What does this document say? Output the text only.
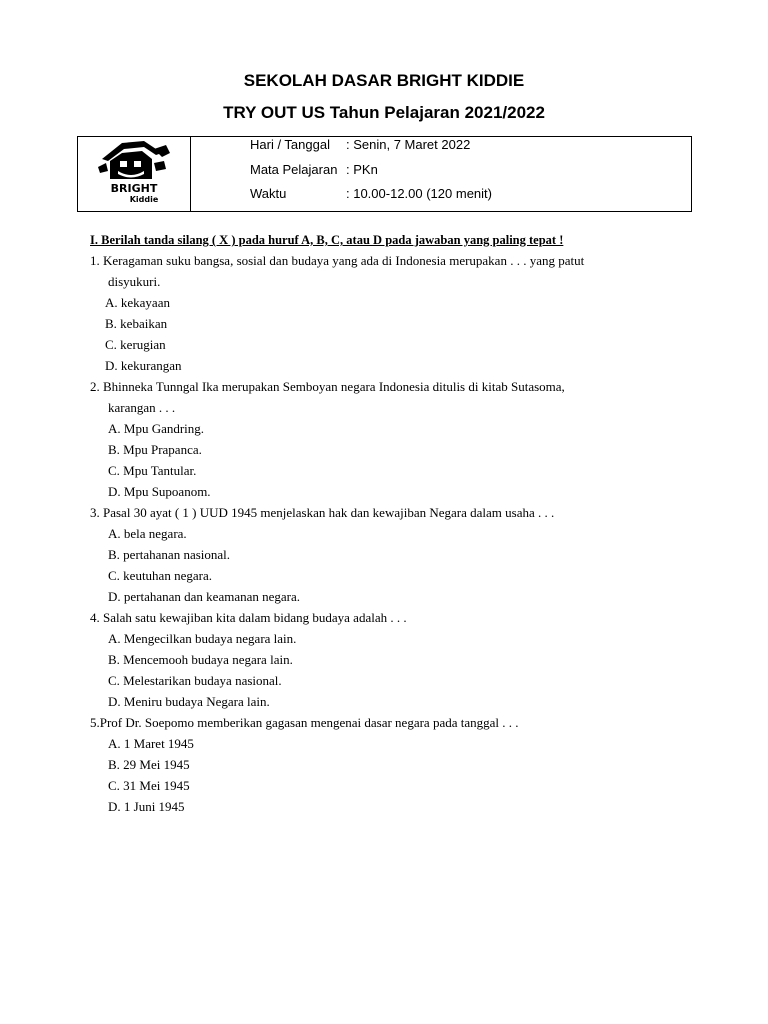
SEKOLAH DASAR BRIGHT KIDDIE
TRY OUT US Tahun Pelajaran 2021/2022
BRIGHT
Kiddie
Hari / Tanggal : Senin, 7 Maret 2022
Mata Pelajaran : PKn
Waktu	: 10.00-12.00 (120 menit)
I. Berilah tanda silang ( X ) pada huruf A, B, C, atau D pada jawaban yang paling tepat !
1. Keragaman suku bangsa, sosial dan budaya yang ada di Indonesia merupakan . . . yang patut
disyukuri.
A. kekayaan
B. kebaikan
C. kerugian
D. kekurangan
2. Bhinneka Tunngal Ika merupakan Semboyan negara Indonesia ditulis di kitab Sutasoma,
karangan . . .
A. Mpu Gandring.
B. Mpu Prapanca.
C. Mpu Tantular.
D. Mpu Supoanom.
3. Pasal 30 ayat ( 1 ) UUD 1945 menjelaskan hak dan kewajiban Negara dalam usaha . . .
A. bela negara.
B. pertahanan nasional.
C. keutuhan negara.
D. pertahanan dan keamanan negara.
4. Salah satu kewajiban kita dalam bidang budaya adalah . . .
A. Mengecilkan budaya negara lain.
B. Mencemooh budaya negara lain.
C. Melestarikan budaya nasional.
D. Meniru budaya Negara lain.
5.Prof Dr. Soepomo memberikan gagasan mengenai dasar negara pada tanggal . . .
A. 1 Maret 1945
B. 29 Mei 1945
C. 31 Mei 1945
D. 1 Juni 1945
